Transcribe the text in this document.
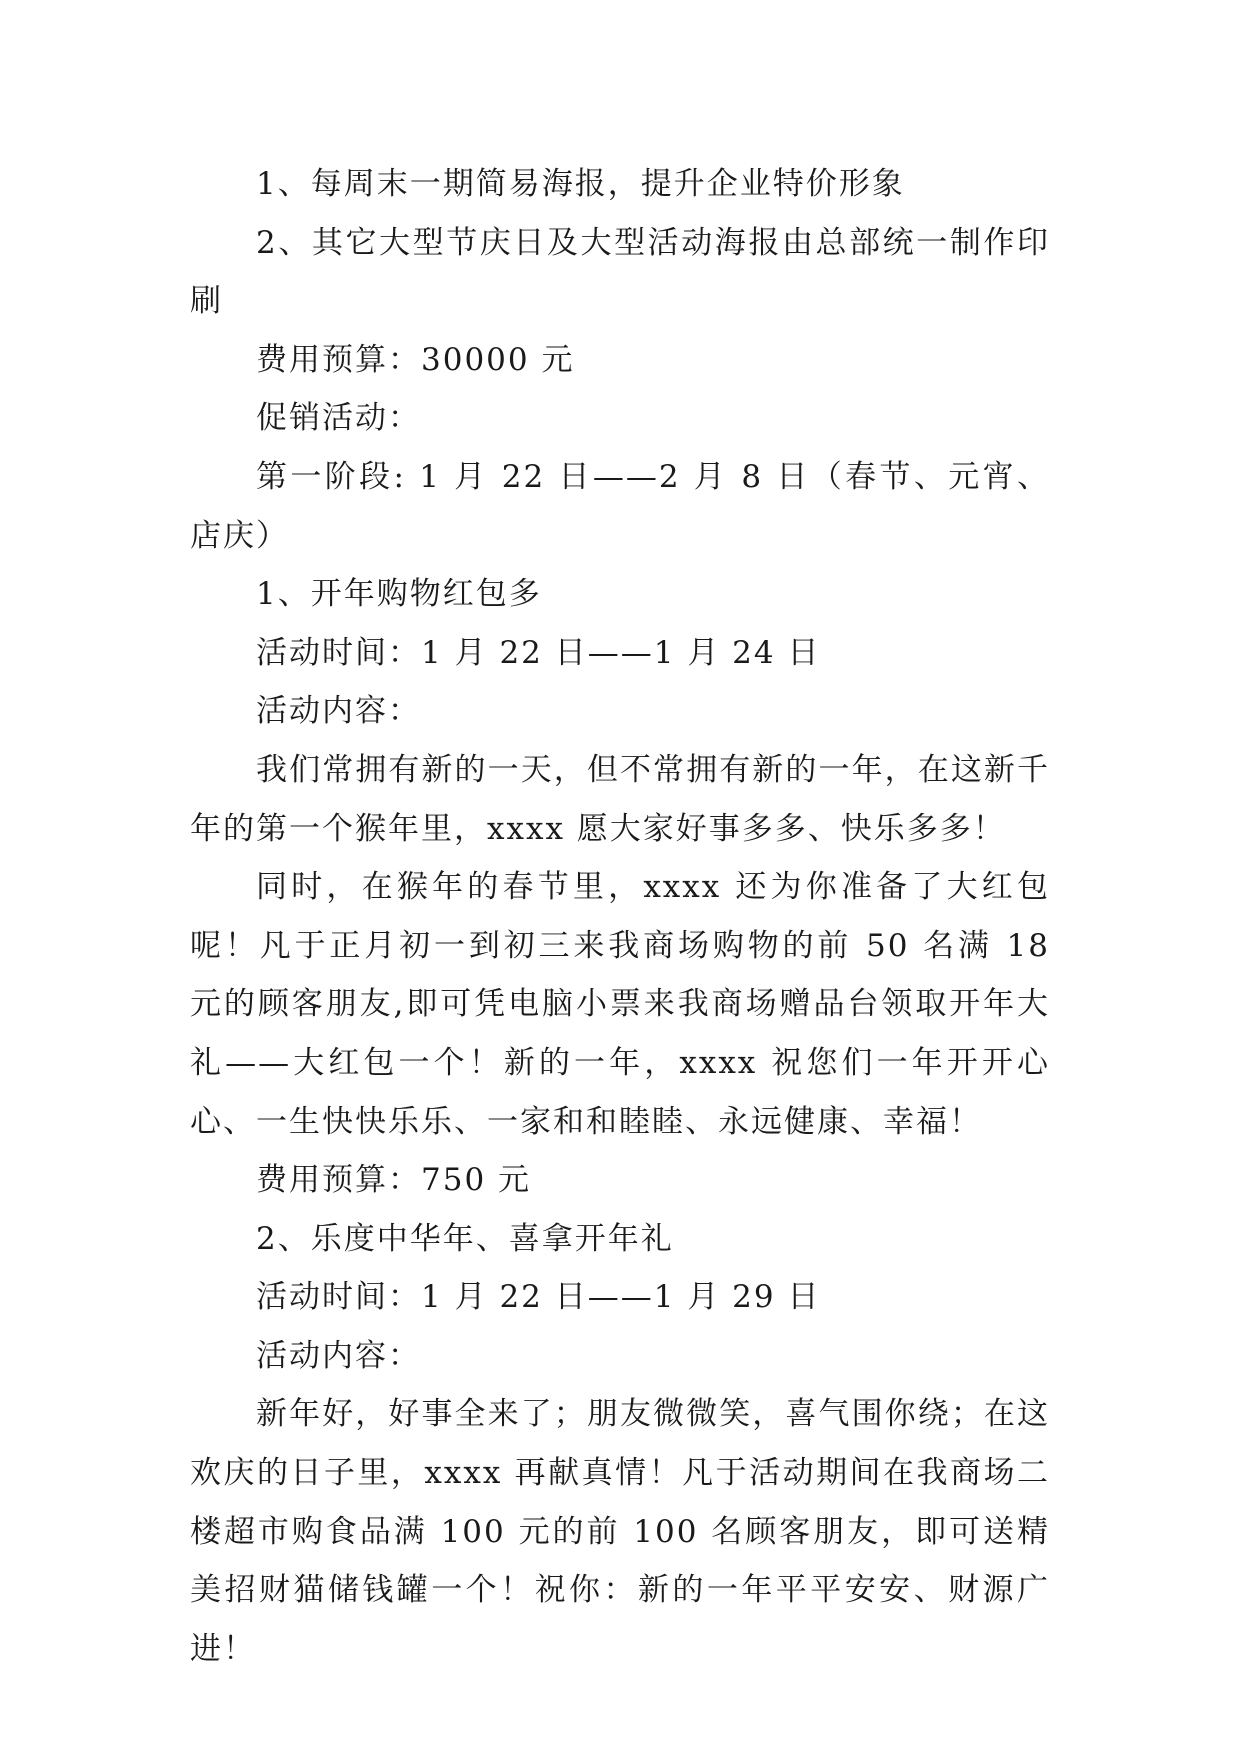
1、每周末一期简易海报，提升企业特价形象

2、其它大型节庆日及大型活动海报由总部统一制作印刷

费用预算：30000 元

促销活动：

第一阶段: 1 月 22 日——2 月 8 日（春节、元宵、店庆）

1、开年购物红包多

活动时间：1 月 22 日——1 月 24 日

活动内容：

我们常拥有新的一天，但不常拥有新的一年，在这新千年的第一个猴年里，xxxx 愿大家好事多多、快乐多多！

同时，在猴年的春节里，xxxx 还为你准备了大红包呢！凡于正月初一到初三来我商场购物的前 50 名满 18 元的顾客朋友,即可凭电脑小票来我商场赠品台领取开年大礼——大红包一个！新的一年，xxxx 祝您们一年开开心心、一生快快乐乐、一家和和睦睦、永远健康、幸福！

费用预算：750 元

2、乐度中华年、喜拿开年礼

活动时间：1 月 22 日——1 月 29 日

活动内容：

新年好，好事全来了；朋友微微笑，喜气围你绕；在这欢庆的日子里，xxxx 再献真情！凡于活动期间在我商场二楼超市购食品满 100 元的前 100 名顾客朋友，即可送精美招财猫储钱罐一个！祝你：新的一年平平安安、财源广进！
